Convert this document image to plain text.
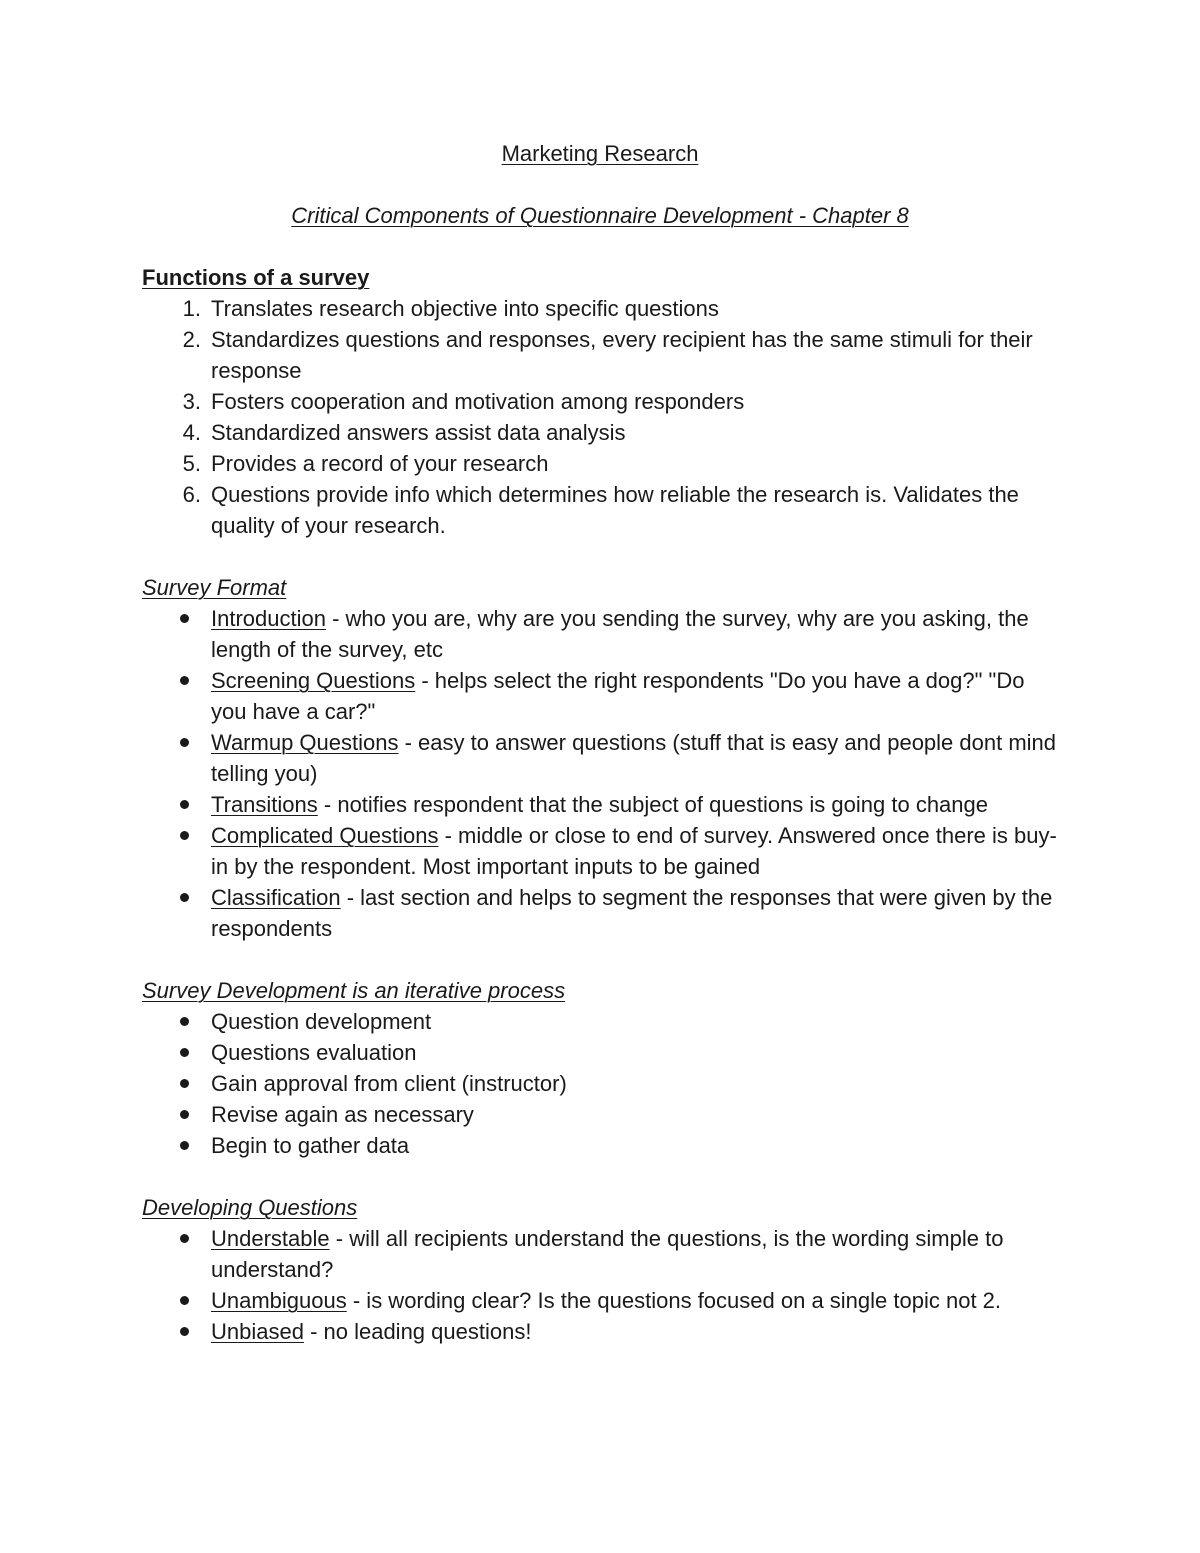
Marketing Research
Critical Components of Questionnaire Development - Chapter 8
Functions of a survey
1. Translates research objective into specific questions
2. Standardizes questions and responses, every recipient has the same stimuli for their response
3. Fosters cooperation and motivation among responders
4. Standardized answers assist data analysis
5. Provides a record of your research
6. Questions provide info which determines how reliable the research is. Validates the quality of your research.
Survey Format
Introduction - who you are, why are you sending the survey, why are you asking, the length of the survey, etc
Screening Questions - helps select the right respondents "Do you have a dog?" "Do you have a car?"
Warmup Questions - easy to answer questions (stuff that is easy and people dont mind telling you)
Transitions - notifies respondent that the subject of questions is going to change
Complicated Questions - middle or close to end of survey. Answered once there is buy-in by the respondent. Most important inputs to be gained
Classification - last section and helps to segment the responses that were given by the respondents
Survey Development is an iterative process
Question development
Questions evaluation
Gain approval from client (instructor)
Revise again as necessary
Begin to gather data
Developing Questions
Understable - will all recipients understand the questions, is the wording simple to understand?
Unambiguous - is wording clear? Is the questions focused on a single topic not 2.
Unbiased - no leading questions!
